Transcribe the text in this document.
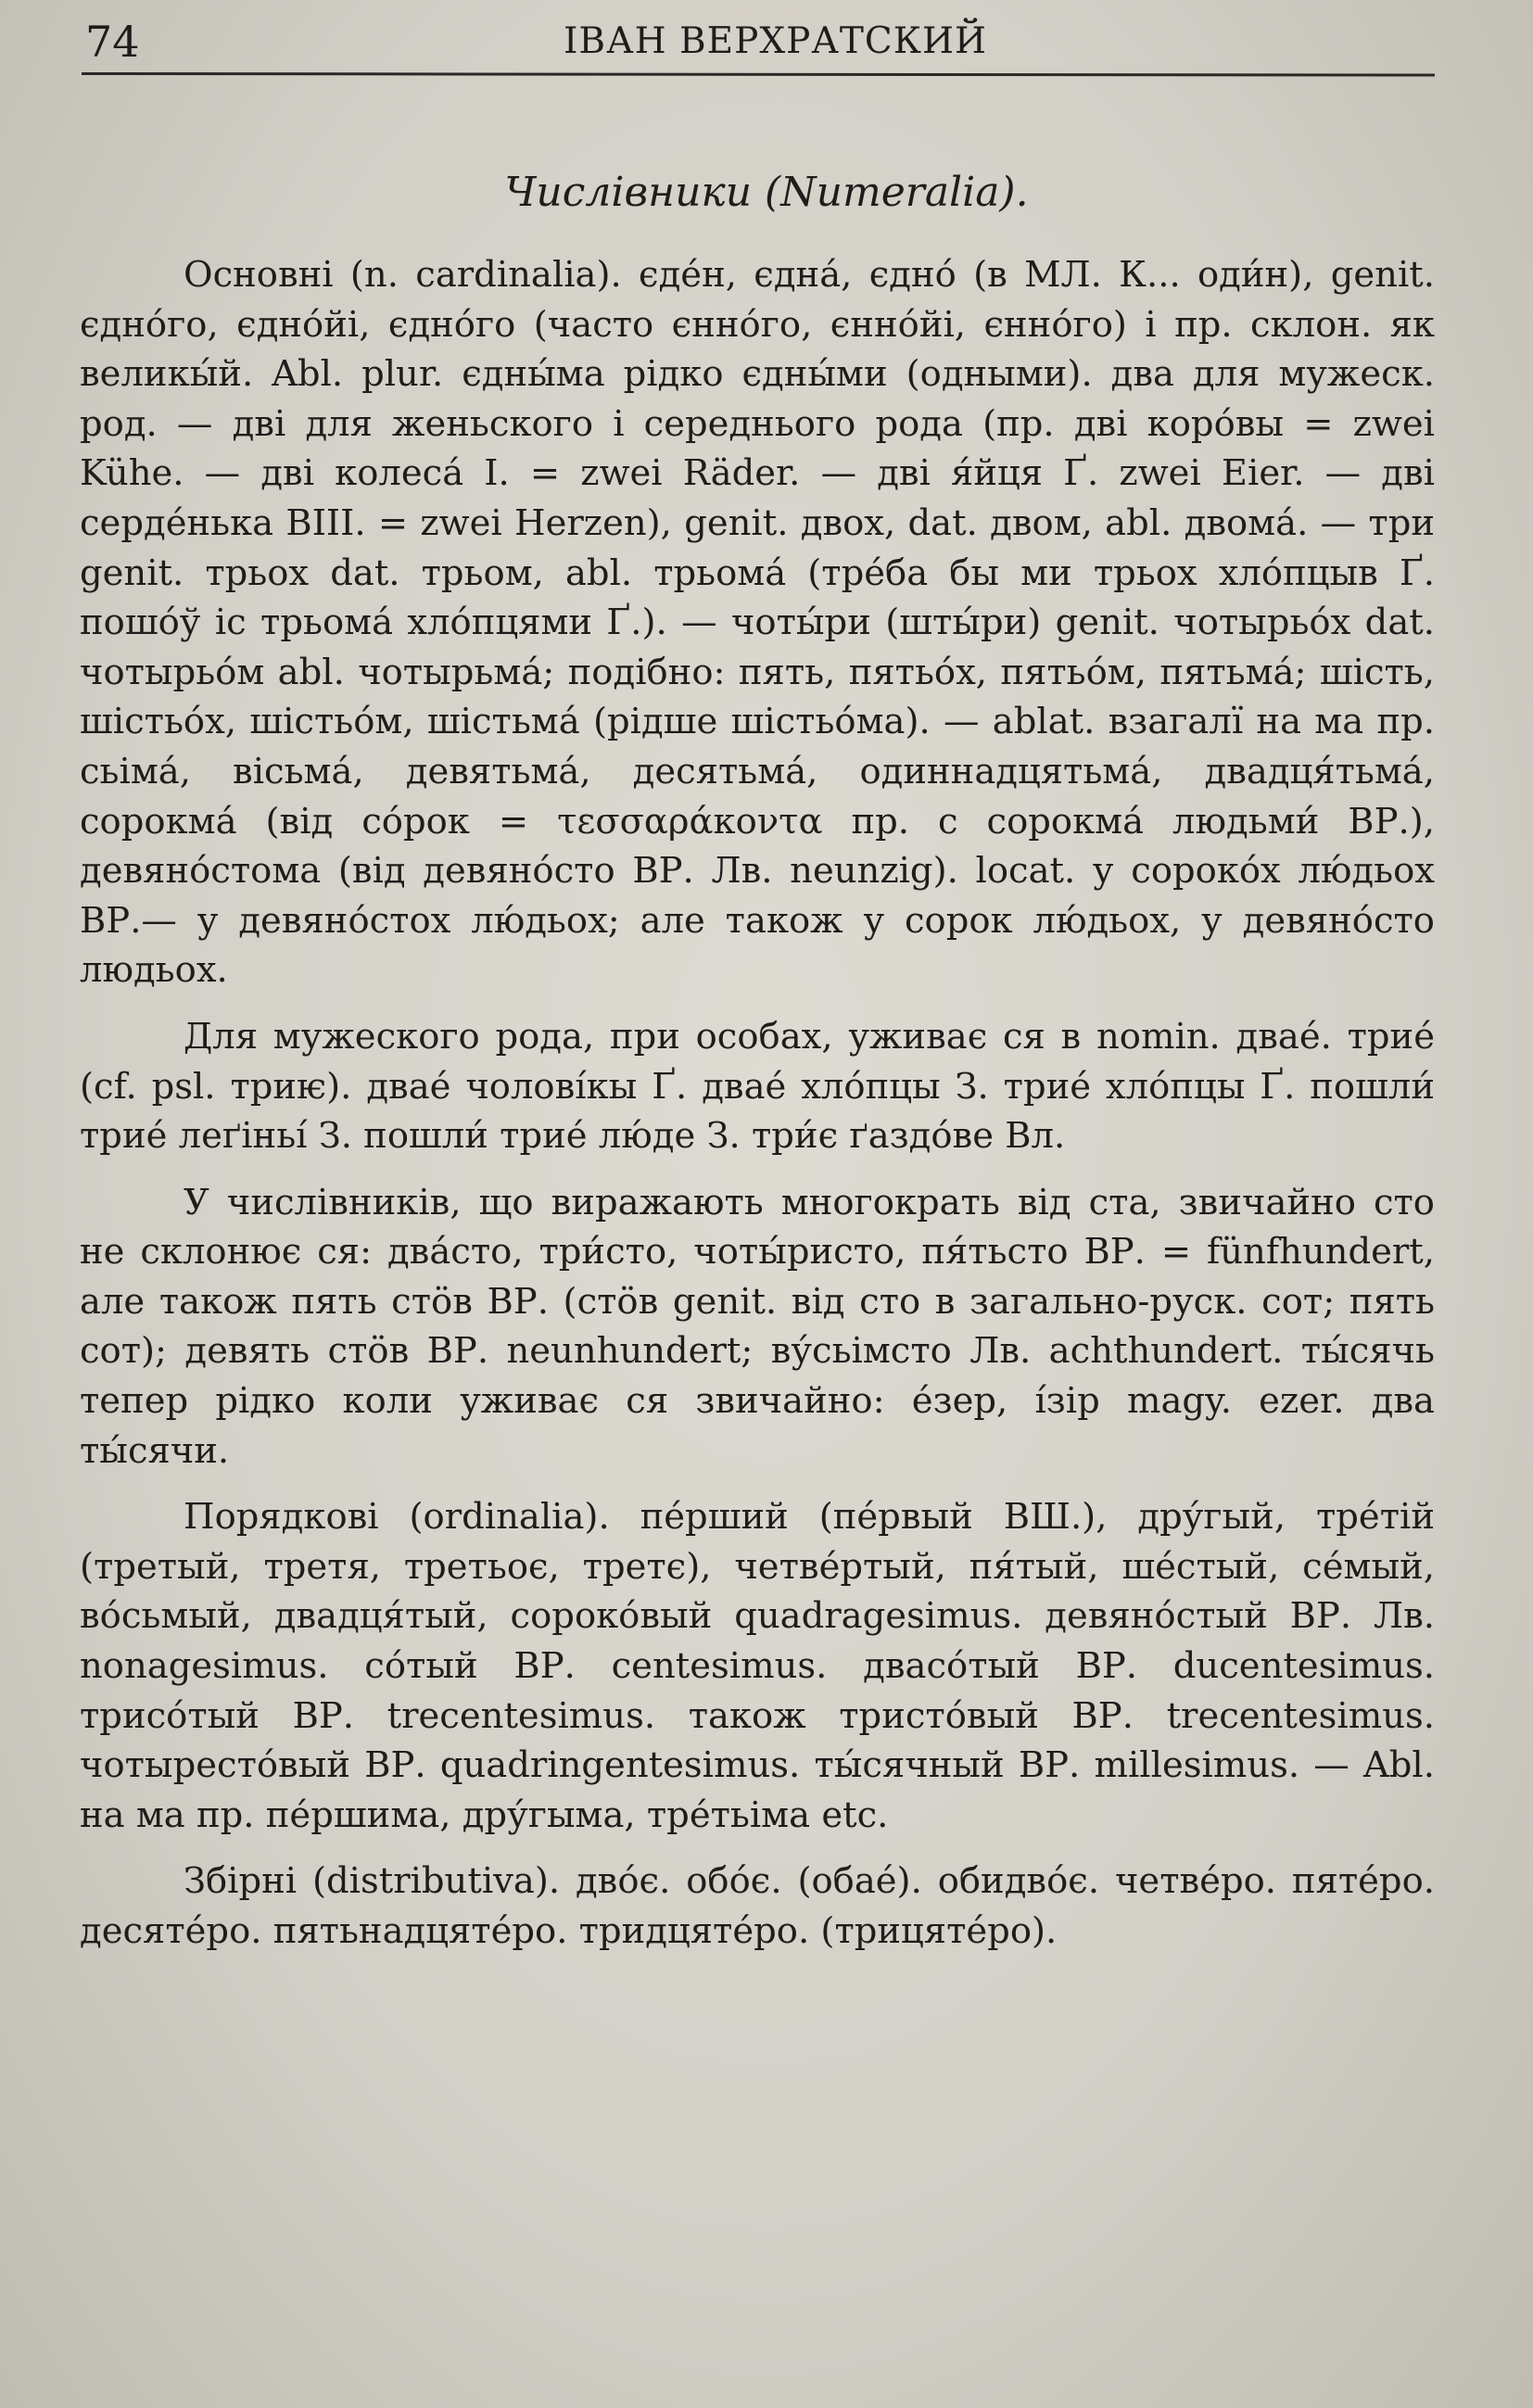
74	IВАН ВЕРХРАТСКИЙ
Числівники (Numeralia).

Основні (n. cardinalia). єде́н, єдна́, єдно́ (в МЛ. К... оди́н), genit. єдно́го, єдно́йі, єдно́го (часто єнно́го, єнно́йі, єнно́го) і пр. склон. як великы́й. Abl. plur. єдны́ма рідко єдны́ми (одными). два для мужеск. род. — дві для женьского і середнього рода (пр. дві коро́вы = zwei Kühe. — дві колеса́ І. = zwei Räder. — дві я́йця Ґ. zwei Eier. — дві серде́нька ВІІІ. = zwei Herzen), genit. двох, dat. двом, abl. двома́. — три genit. трьох dat. трьом, abl. трьома́ (тре́ба бы ми трьох хло́пцыв Ґ. пошо́ў іс трьома́ хло́пцями Ґ.). — чоты́ри (шты́ри) genit. чотырьо́х dat. чотырьо́м abl. чотырьма́; подібно: пять, пятьо́х, пятьо́м, пятьма́; шість, шістьо́х, шістьо́м, шістьма́ (рідше шістьо́ма). — ablat. взагалї на ма пр. сьіма́, вісьма́, девятьма́, десятьма́, одиннадцятьма́, двадця́тьма́, сорокма́ (від со́рок = τεσσαράκοντα пр. с сорокма́ людьми́ ВР.), девяно́стома (від девяно́сто ВР. Лв. neunzig). locat. у сороко́х лю́дьох ВР.— у девяно́стох лю́дьох; але також у сорок лю́дьох, у девяно́сто людьох.

Для мужеского рода, при особах, уживає ся в nomin. двае́. трие́ (cf. psl. триѥ). двае́ чолові́кы Ґ. двае́ хло́пцы З. трие́ хло́пцы Ґ. пошли́ трие́ леґіньі́ З. пошли́ трие́ лю́де З. три́є ґаздо́ве Вл.

У числівників, що виражають многократь від ста, звичайно сто не склонює ся: два́сто, три́сто, чоты́ристо, пя́тьсто ВР. = fünfhundert, але також пять стöв ВР. (стöв genit. від сто в загально-руск. сот; пять сот); девять стöв ВР. neunhundert; ву́сьімсто Лв. achthundert. ты́сячь тепер рідко коли уживає ся звичайно: е́зер, і́зір magy. ezer. два ты́сячи.

Порядкові (ordinalia). пе́рший (пе́рвый ВШ.), дру́гый, тре́тій (третый, третя, третьоє, третє), четве́ртый, пя́тый, ше́стый, се́мый, во́сьмый, двадця́тый, сороко́вый quadragesimus. девяно́стый ВР. Лв. nonagesimus. со́тый ВР. centesimus. двасо́тый ВР. ducentesimus. трисо́тый ВР. trecentesimus. також тристо́вый ВР. trecentesimus. чотырестóвый ВР. quadringentesimus. ты́сячный ВР. millesimus. — Abl. на ма пр. пе́ршима, дру́гыма, тре́тьіма etc.

Збірні (distributiva). двóє. обóє. (обаé). обидвóє. четвéро. пятéро. десятéро. пятьнадцятéро. тридцятéро. (трицятéро).
